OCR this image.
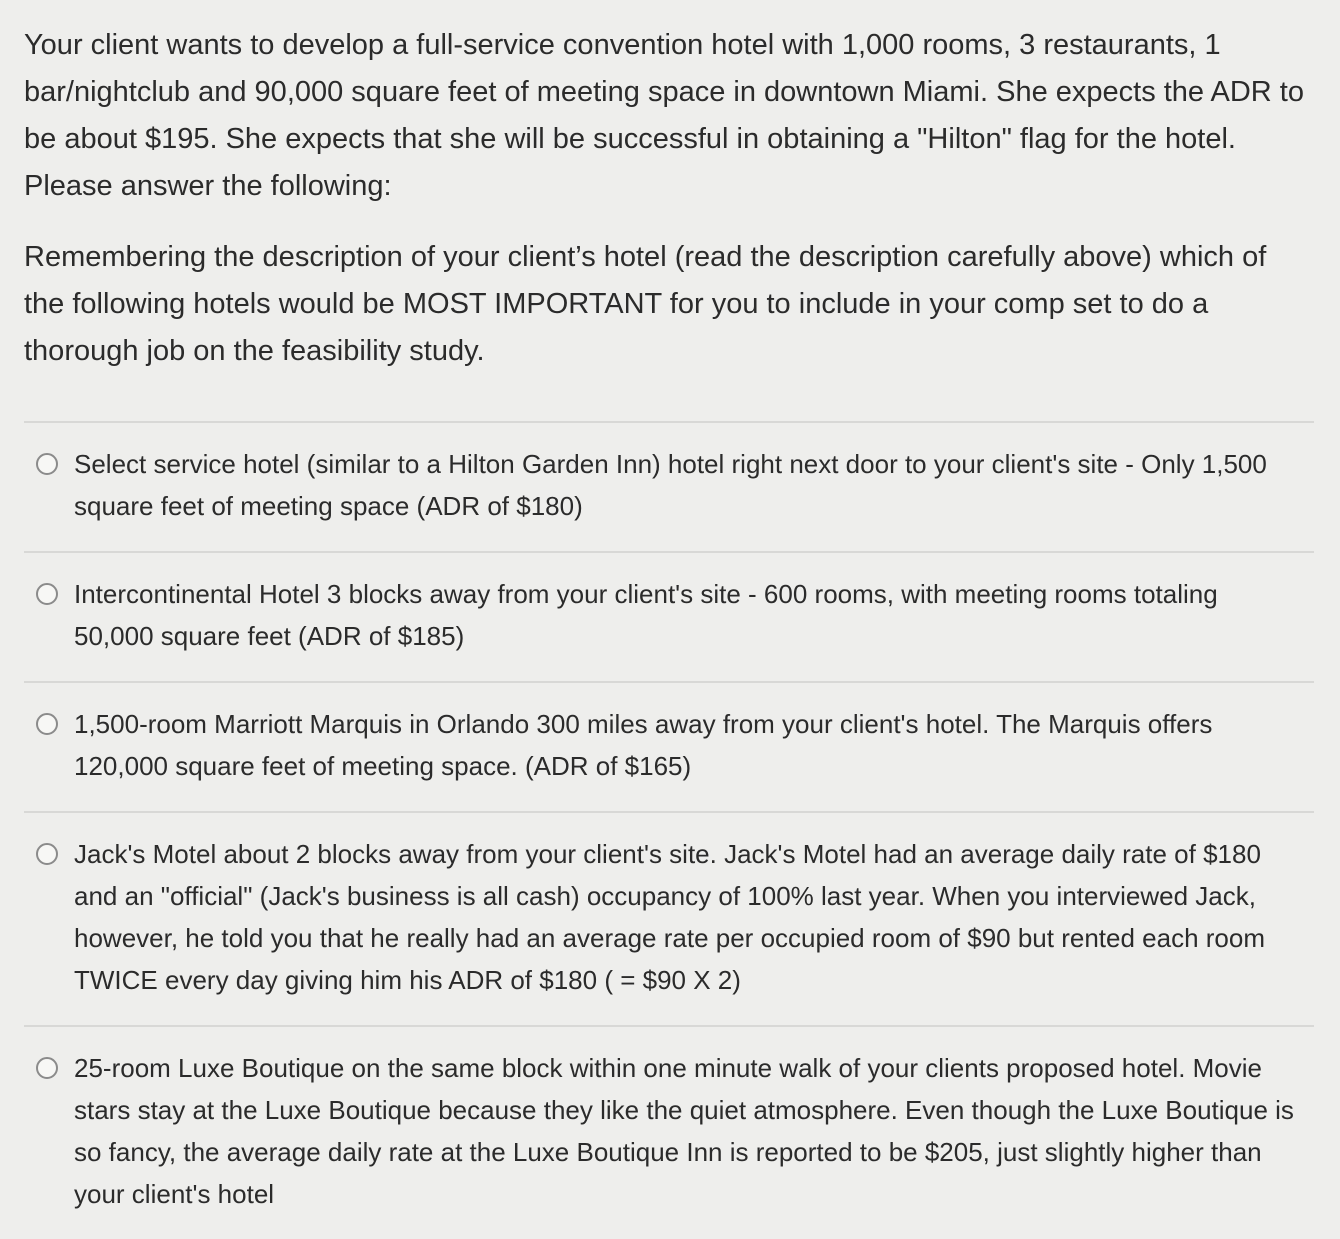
Your client wants to develop a full-service convention hotel with 1,000 rooms, 3 restaurants, 1 bar/nightclub and 90,000 square feet of meeting space in downtown Miami. She expects the ADR to be about $195. She expects that she will be successful in obtaining a "Hilton" flag for the hotel. Please answer the following:

Remembering the description of your client’s hotel (read the description carefully above) which of the following hotels would be MOST IMPORTANT for you to include in your comp set to do a thorough job on the feasibility study.

Select service hotel (similar to a Hilton Garden Inn) hotel right next door to your client's site - Only 1,500 square feet of meeting space (ADR of $180)
Intercontinental Hotel 3 blocks away from your client's site - 600 rooms, with meeting rooms totaling 50,000 square feet (ADR of $185)
1,500-room Marriott Marquis in Orlando 300 miles away from your client's hotel. The Marquis offers 120,000 square feet of meeting space. (ADR of $165)
Jack's Motel about 2 blocks away from your client's site. Jack's Motel had an average daily rate of $180 and an "official" (Jack's business is all cash) occupancy of 100% last year. When you interviewed Jack, however, he told you that he really had an average rate per occupied room of $90 but rented each room TWICE every day giving him his ADR of $180 ( = $90 X 2)
25-room Luxe Boutique on the same block within one minute walk of your clients proposed hotel. Movie stars stay at the Luxe Boutique because they like the quiet atmosphere. Even though the Luxe Boutique is so fancy, the average daily rate at the Luxe Boutique Inn is reported to be $205, just slightly higher than your client's hotel
